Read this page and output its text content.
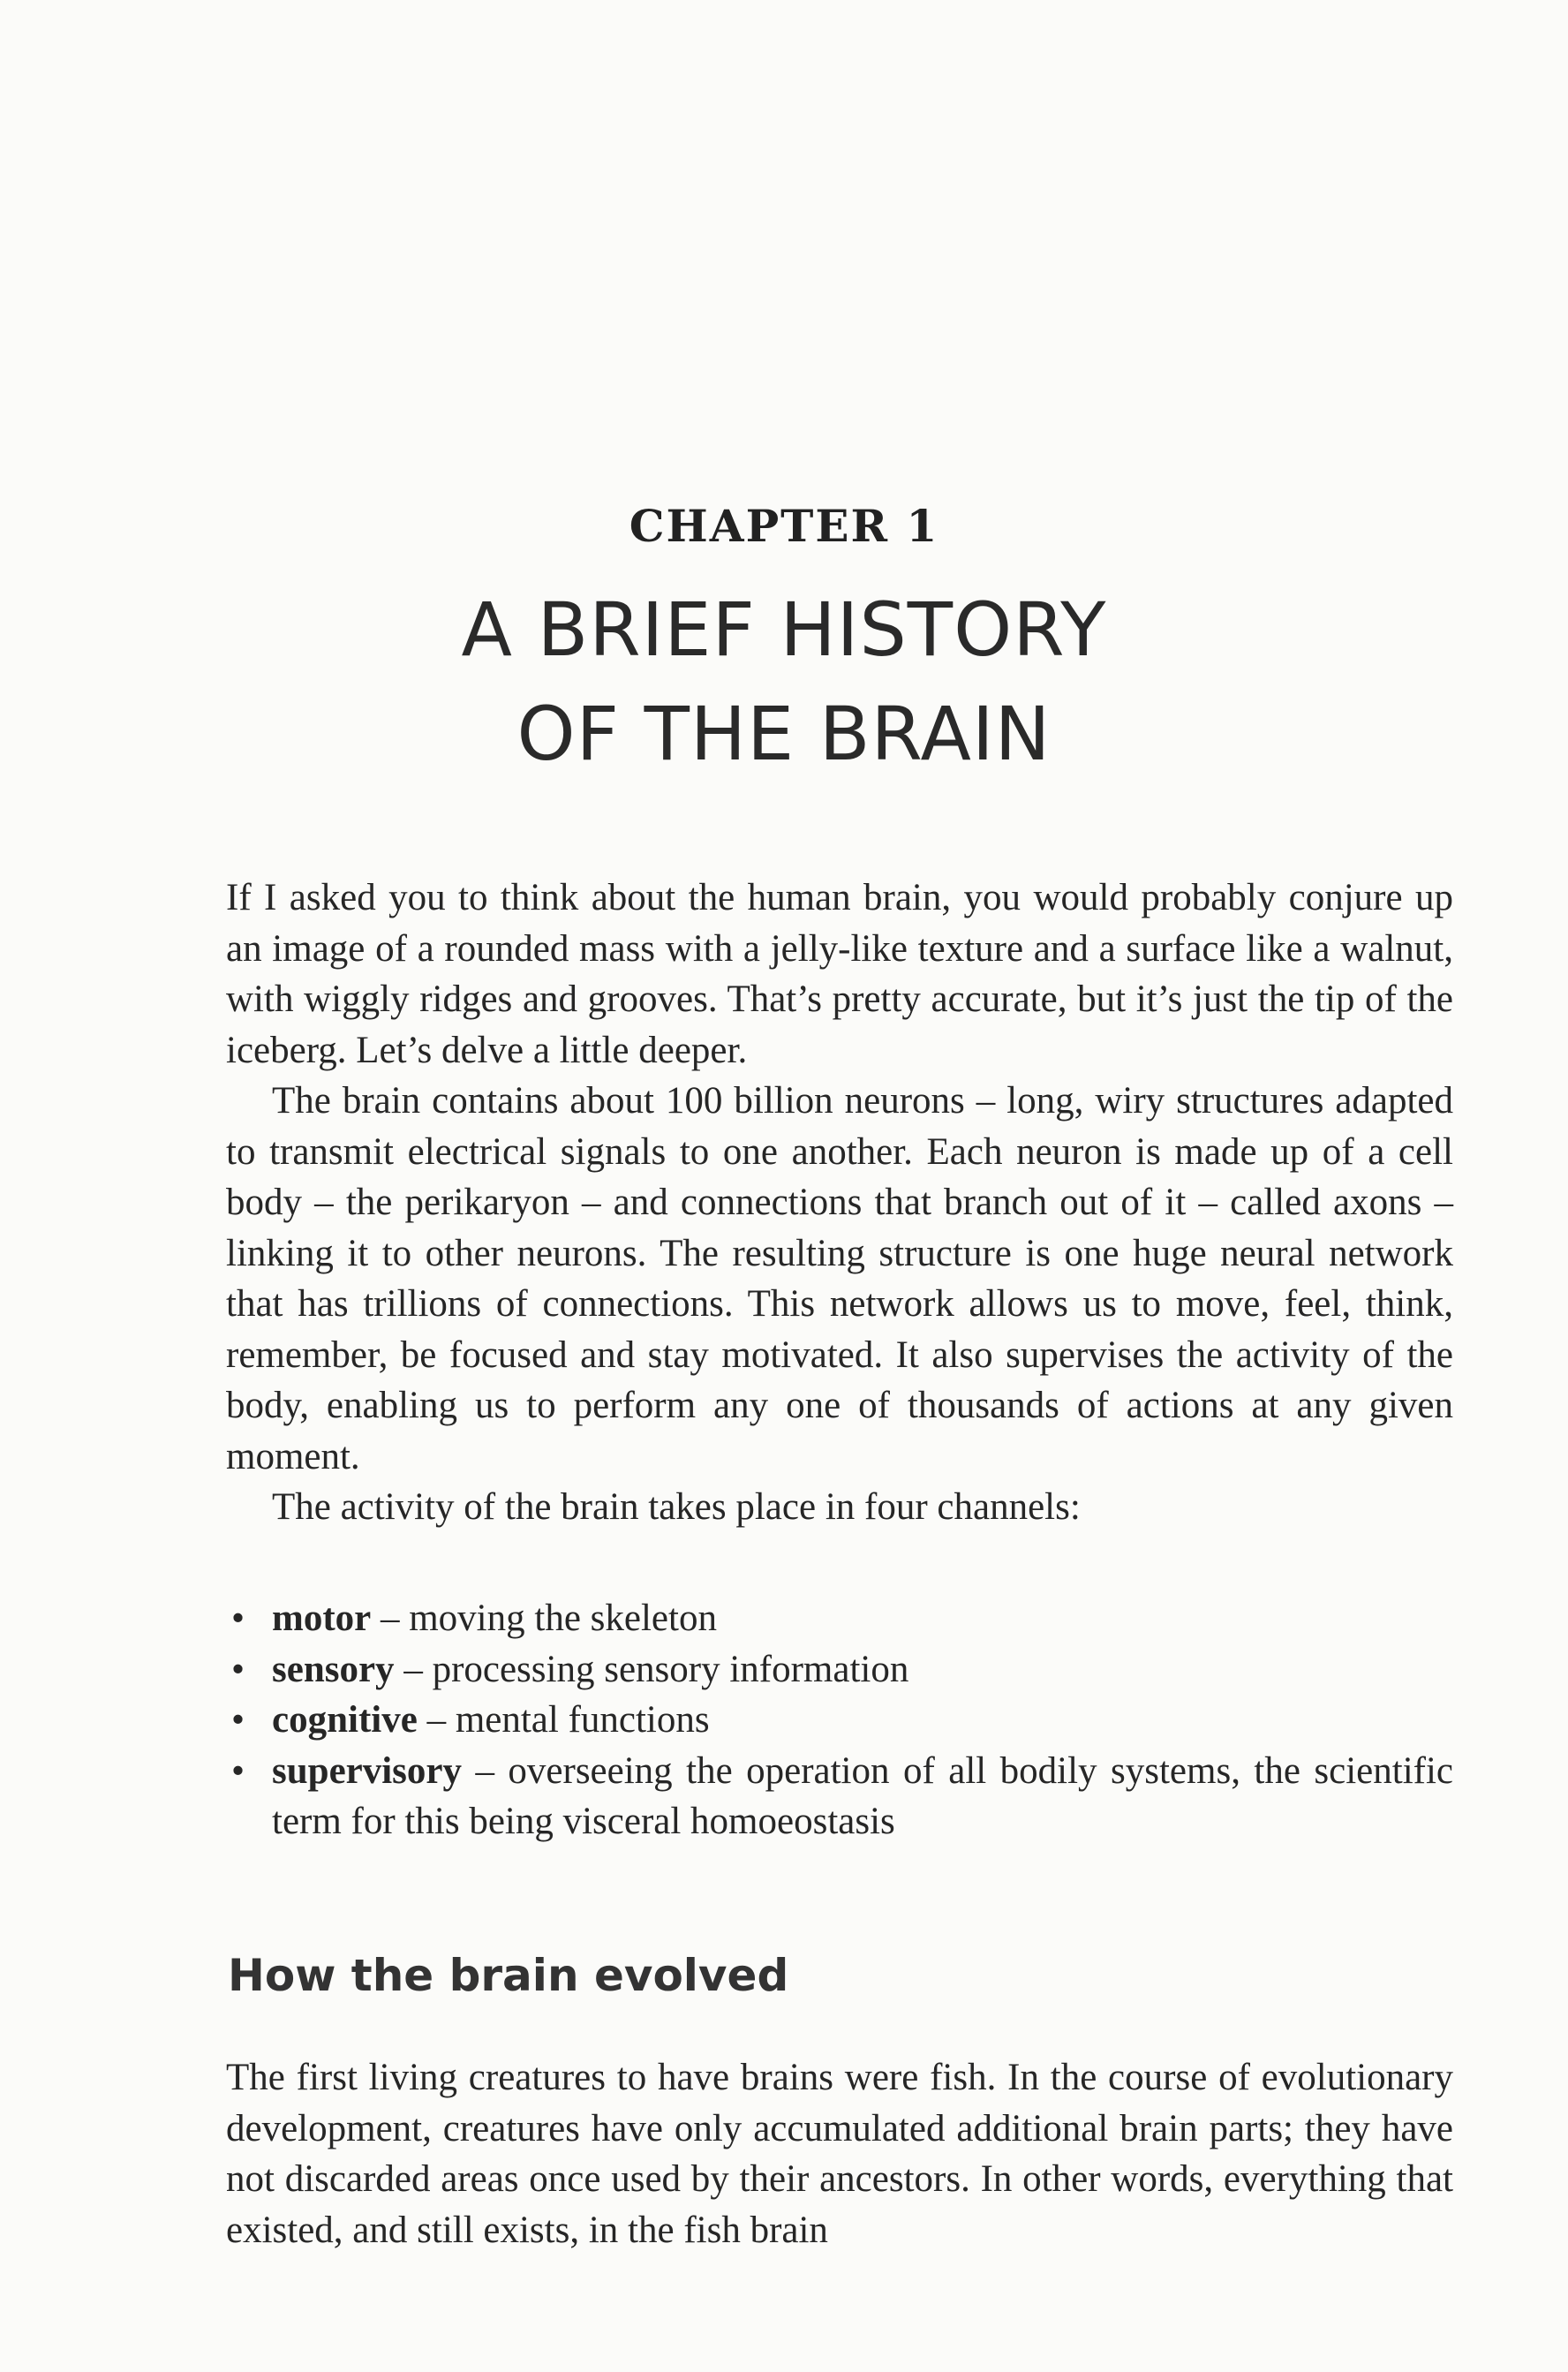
CHAPTER 1
A BRIEF HISTORY
OF THE BRAIN

If I asked you to think about the human brain, you would probably conjure up an image of a rounded mass with a jelly-like texture and a surface like a walnut, with wiggly ridges and grooves. That’s pretty accurate, but it’s just the tip of the iceberg. Let’s delve a little deeper.

The brain contains about 100 billion neurons – long, wiry structures adapted to transmit electrical signals to one another. Each neuron is made up of a cell body – the perikaryon – and connections that branch out of it – called axons – linking it to other neurons. The resulting structure is one huge neural network that has trillions of connections. This network allows us to move, feel, think, remember, be focused and stay motivated. It also supervises the activity of the body, enabling us to perform any one of thousands of actions at any given moment.

The activity of the brain takes place in four channels:

• motor – moving the skeleton
• sensory – processing sensory information
• cognitive – mental functions
• supervisory – overseeing the operation of all bodily systems, the scientific term for this being visceral homoeostasis
How the brain evolved

The first living creatures to have brains were fish. In the course of evolutionary development, creatures have only accumulated additional brain parts; they have not discarded areas once used by their ancestors. In other words, everything that existed, and still exists, in the fish brain
